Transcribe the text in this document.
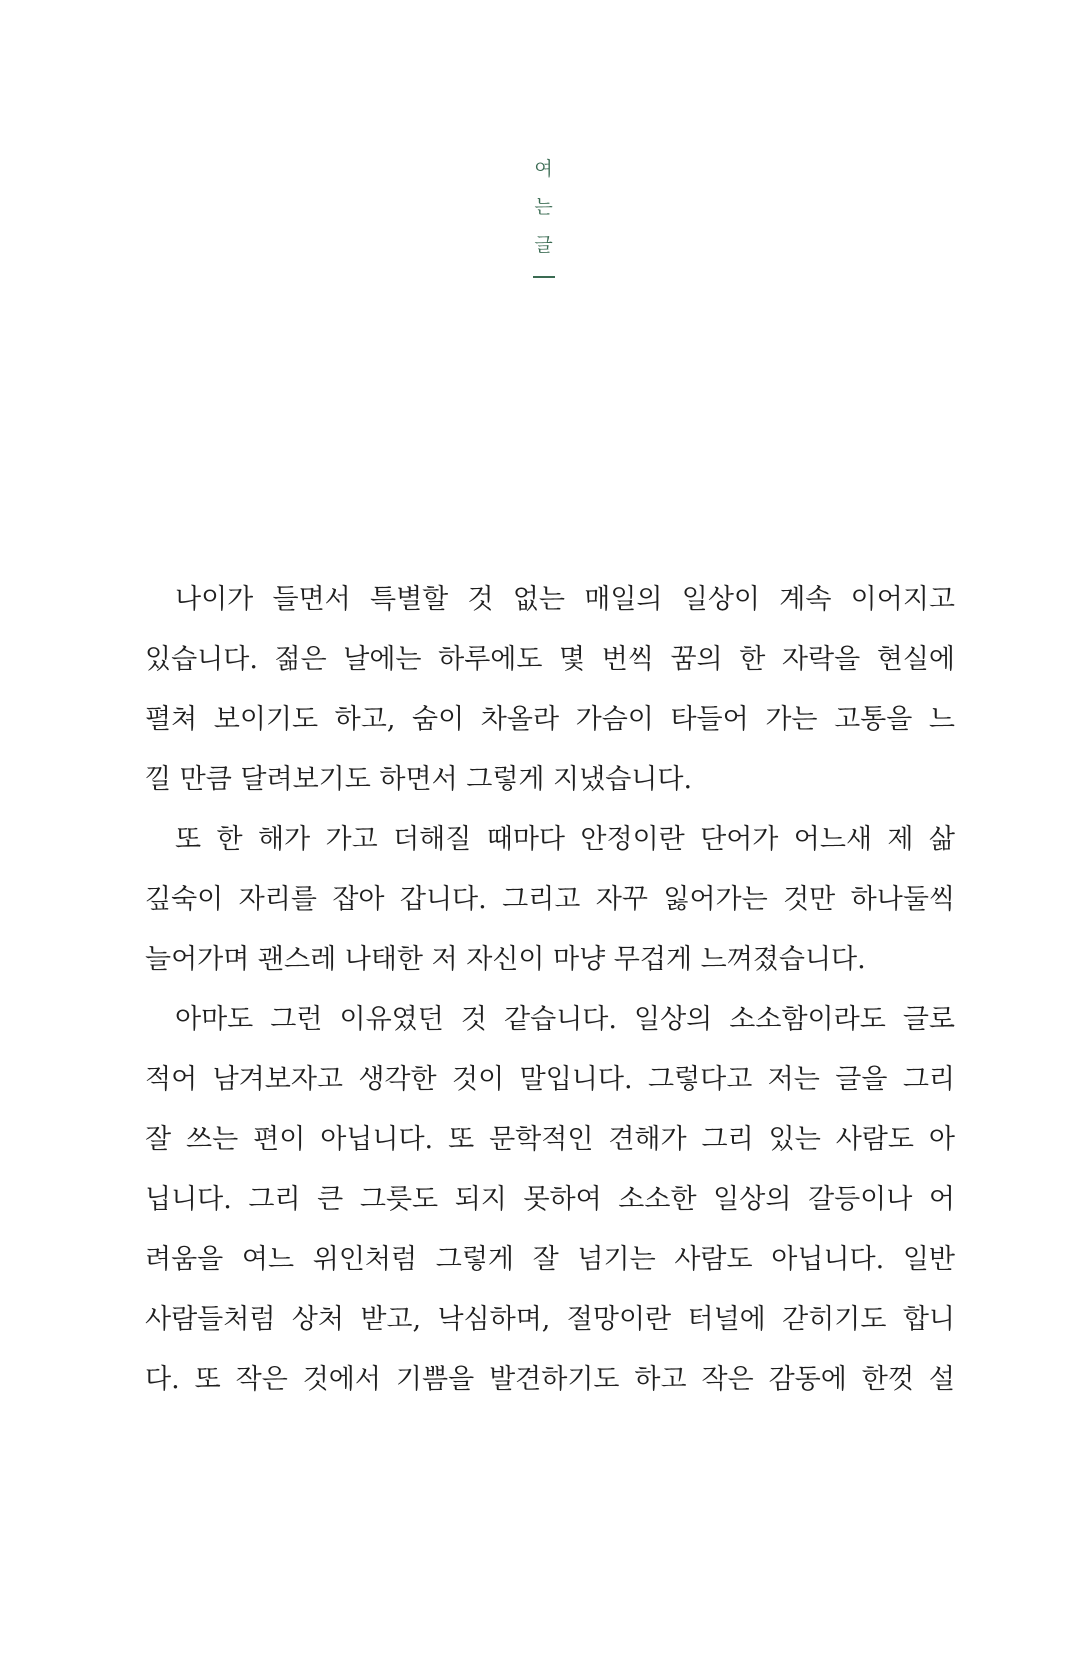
여
는
글
나이가 들면서 특별할 것 없는 매일의 일상이 계속 이어지고
있습니다. 젊은 날에는 하루에도 몇 번씩 꿈의 한 자락을 현실에
펼쳐 보이기도 하고, 숨이 차올라 가슴이 타들어 가는 고통을 느
낄 만큼 달려보기도 하면서 그렇게 지냈습니다.
또 한 해가 가고 더해질 때마다 안정이란 단어가 어느새 제 삶
깊숙이 자리를 잡아 갑니다. 그리고 자꾸 잃어가는 것만 하나둘씩
늘어가며 괜스레 나태한 저 자신이 마냥 무겁게 느껴졌습니다.
아마도 그런 이유였던 것 같습니다. 일상의 소소함이라도 글로
적어 남겨보자고 생각한 것이 말입니다. 그렇다고 저는 글을 그리
잘 쓰는 편이 아닙니다. 또 문학적인 견해가 그리 있는 사람도 아
닙니다. 그리 큰 그릇도 되지 못하여 소소한 일상의 갈등이나 어
려움을 여느 위인처럼 그렇게 잘 넘기는 사람도 아닙니다. 일반
사람들처럼 상처 받고, 낙심하며, 절망이란 터널에 갇히기도 합니
다. 또 작은 것에서 기쁨을 발견하기도 하고 작은 감동에 한껏 설
